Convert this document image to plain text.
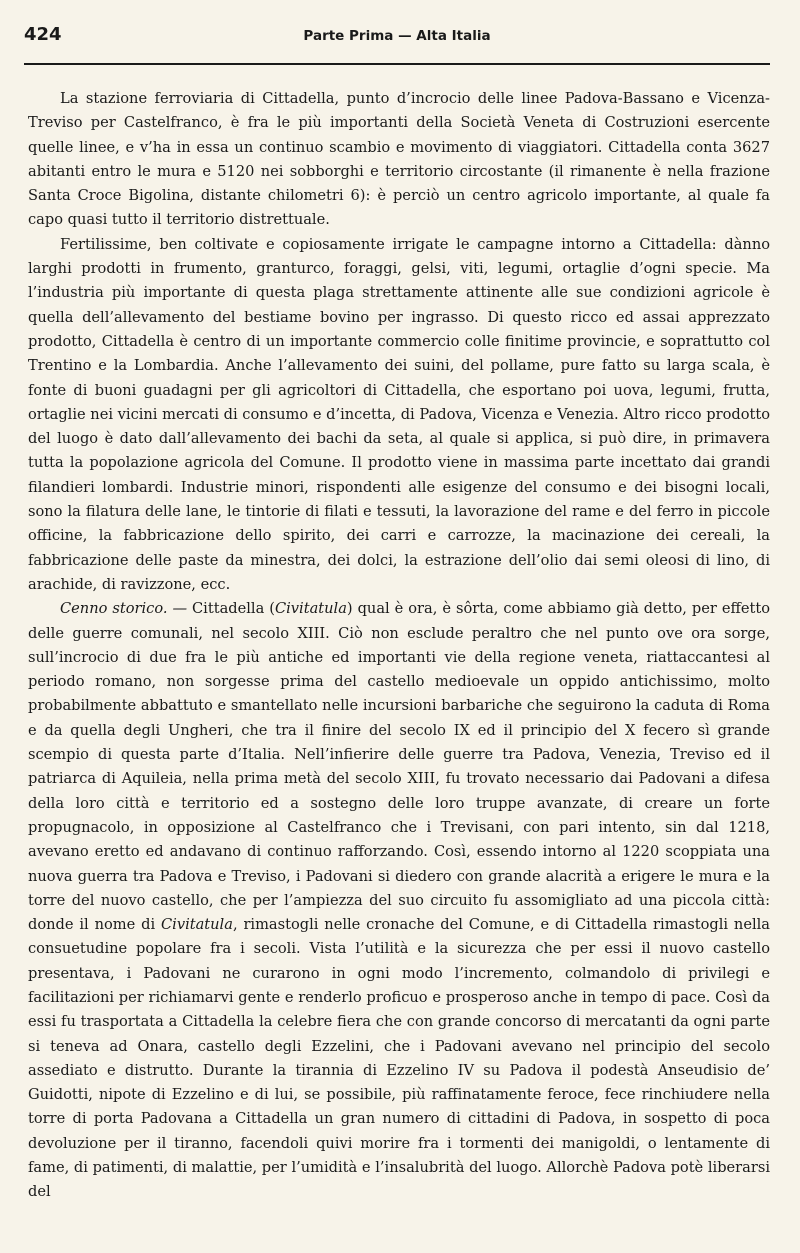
424	Parte Prima — Alta Italia

La stazione ferroviaria di Cittadella, punto d’incrocio delle linee Padova-Bassano e Vicenza-Treviso per Castelfranco, è fra le più importanti della Società Veneta di Costruzioni esercente quelle linee, e v’ha in essa un continuo scambio e movimento di viaggiatori. Cittadella conta 3627 abitanti entro le mura e 5120 nei sobborghi e territorio circostante (il rimanente è nella frazione Santa Croce Bigolina, distante chilometri 6): è perciò un centro agricolo importante, al quale fa capo quasi tutto il territorio distrettuale.

Fertilissime, ben coltivate e copiosamente irrigate le campagne intorno a Cittadella: dànno larghi prodotti in frumento, granturco, foraggi, gelsi, viti, legumi, ortaglie d’ogni specie. Ma l’industria più importante di questa plaga strettamente attinente alle sue condizioni agricole è quella dell’allevamento del bestiame bovino per ingrasso. Di questo ricco ed assai apprezzato prodotto, Cittadella è centro di un importante commercio colle finitime provincie, e soprattutto col Trentino e la Lombardia. Anche l’allevamento dei suini, del pollame, pure fatto su larga scala, è fonte di buoni guadagni per gli agricoltori di Cittadella, che esportano poi uova, legumi, frutta, ortaglie nei vicini mercati di consumo e d’incetta, di Padova, Vicenza e Venezia. Altro ricco prodotto del luogo è dato dall’allevamento dei bachi da seta, al quale si applica, si può dire, in primavera tutta la popolazione agricola del Comune. Il prodotto viene in massima parte incettato dai grandi filandieri lombardi. Industrie minori, rispondenti alle esigenze del consumo e dei bisogni locali, sono la filatura delle lane, le tintorie di filati e tessuti, la lavorazione del rame e del ferro in piccole officine, la fabbricazione dello spirito, dei carri e carrozze, la macinazione dei cereali, la fabbricazione delle paste da minestra, dei dolci, la estrazione dell’olio dai semi oleosi di lino, di arachide, di ravizzone, ecc.

Cenno storico. — Cittadella (Civitatula) qual è ora, è sôrta, come abbiamo già detto, per effetto delle guerre comunali, nel secolo XIII. Ciò non esclude peraltro che nel punto ove ora sorge, sull’incrocio di due fra le più antiche ed importanti vie della regione veneta, riattaccantesi al periodo romano, non sorgesse prima del castello medioevale un oppido antichissimo, molto probabilmente abbattuto e smantellato nelle incursioni barbariche che seguirono la caduta di Roma e da quella degli Ungheri, che tra il finire del secolo IX ed il principio del X fecero sì grande scempio di questa parte d’Italia. Nell’infierire delle guerre tra Padova, Venezia, Treviso ed il patriarca di Aquileia, nella prima metà del secolo XIII, fu trovato necessario dai Padovani a difesa della loro città e territorio ed a sostegno delle loro truppe avanzate, di creare un forte propugnacolo, in opposizione al Castelfranco che i Trevisani, con pari intento, sin dal 1218, avevano eretto ed andavano di continuo rafforzando. Così, essendo intorno al 1220 scoppiata una nuova guerra tra Padova e Treviso, i Padovani si diedero con grande alacrità a erigere le mura e la torre del nuovo castello, che per l’ampiezza del suo circuito fu assomigliato ad una piccola città: donde il nome di Civitatula, rimastogli nelle cronache del Comune, e di Cittadella rimastogli nella consuetudine popolare fra i secoli. Vista l’utilità e la sicurezza che per essi il nuovo castello presentava, i Padovani ne curarono in ogni modo l’incremento, colmandolo di privilegi e facilitazioni per richiamarvi gente e renderlo proficuo e prosperoso anche in tempo di pace. Così da essi fu trasportata a Cittadella la celebre fiera che con grande concorso di mercatanti da ogni parte si teneva ad Onara, castello degli Ezzelini, che i Padovani avevano nel principio del secolo assediato e distrutto. Durante la tirannia di Ezzelino IV su Padova il podestà Anseudisio de’ Guidotti, nipote di Ezzelino e di lui, se possibile, più raffinatamente feroce, fece rinchiudere nella torre di porta Padovana a Cittadella un gran numero di cittadini di Padova, in sospetto di poca devoluzione per il tiranno, facendoli quivi morire fra i tormenti dei manigoldi, o lentamente di fame, di patimenti, di malattie, per l’umidità e l’insalubrità del luogo. Allorchè Padova potè liberarsi del
